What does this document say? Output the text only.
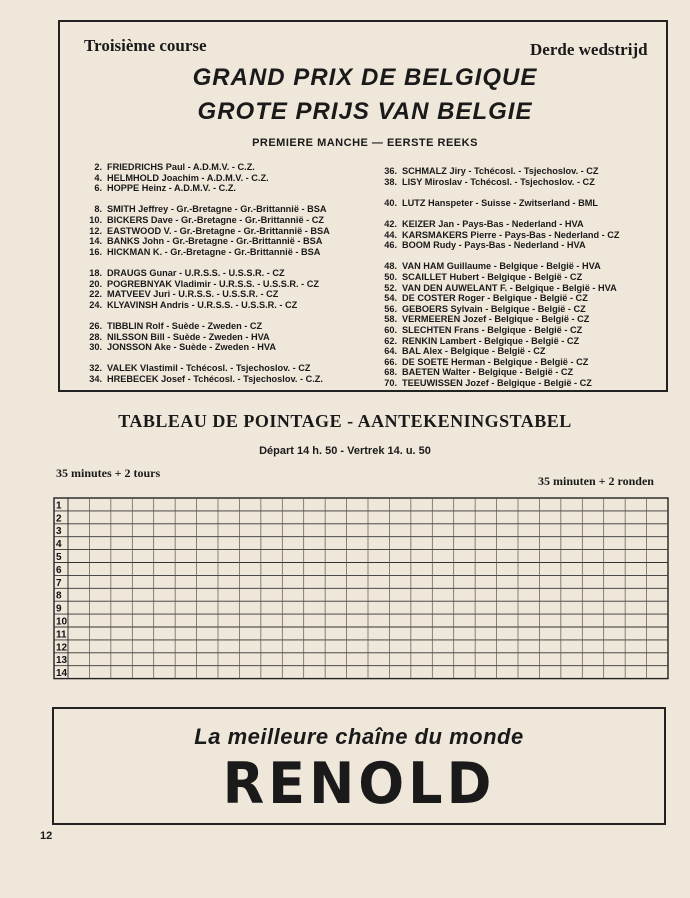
Troisième course	Derde wedstrijd
GRAND PRIX DE BELGIQUE
GROTE PRIJS VAN BELGIE
PREMIERE MANCHE — EERSTE REEKS
2. FRIEDRICHS Paul - A.D.M.V. - C.Z.
4. HELMHOLD Joachim - A.D.M.V. - C.Z.
6. HOPPE Heinz - A.D.M.V. - C.Z.
8. SMITH Jeffrey - Gr.-Bretagne - Gr.-Brittannië - BSA
10. BICKERS Dave - Gr.-Bretagne - Gr.-Brittannië - CZ
12. EASTWOOD V. - Gr.-Bretagne - Gr.-Brittannië - BSA
14. BANKS John - Gr.-Bretagne - Gr.-Brittannië - BSA
16. HICKMAN K. - Gr.-Bretagne - Gr.-Brittannië - BSA
18. DRAUGS Gunar - U.R.S.S. - U.S.S.R. - CZ
20. POGREBNYAK Vladimir - U.R.S.S. - U.S.S.R. - CZ
22. MATVEEV Juri - U.R.S.S. - U.S.S.R. - CZ
24. KLYAVINSH Andris - U.R.S.S. - U.S.S.R. - CZ
26. TIBBLIN Rolf - Suède - Zweden - CZ
28. NILSSON Bill - Suède - Zweden - HVA
30. JONSSON Ake - Suède - Zweden - HVA
32. VALEK Vlastimil - Tchécosl. - Tsjechoslov. - CZ
34. HREBECEK Josef - Tchécosl. - Tsjechoslov. - C.Z.
36. SCHMALZ Jiry - Tchécosl. - Tsjechoslov. - CZ
38. LISY Miroslav - Tchécosl. - Tsjechoslov. - CZ
40. LUTZ Hanspeter - Suisse - Zwitserland - BML
42. KEIZER Jan - Pays-Bas - Nederland - HVA
44. KARSMAKERS Pierre - Pays-Bas - Nederland - CZ
46. BOOM Rudy - Pays-Bas - Nederland - HVA
48. VAN HAM Guillaume - Belgique - België - HVA
50. SCAILLET Hubert - Belgique - België - CZ
52. VAN DEN AUWELANT F. - Belgique - België - HVA
54. DE COSTER Roger - Belgique - België - CZ
56. GEBOERS Sylvain - Belgique - België - CZ
58. VERMEEREN Jozef - Belgique - België - CZ
60. SLECHTEN Frans - Belgique - België - CZ
62. RENKIN Lambert - Belgique - België - CZ
64. BAL Alex - Belgique - België - CZ
66. DE SOETE Herman - Belgique - België - CZ
68. BAETEN Walter - Belgique - België - CZ
70. TEEUWISSEN Jozef - Belgique - België - CZ
TABLEAU DE POINTAGE - AANTEKENINGSTABEL
Départ 14 h. 50 - Vertrek 14. u. 50
35 minutes + 2 tours
35 minuten + 2 ronden
1
2
3
4
5
6
7
8
9
10
11
12
13
14
La meilleure chaîne du monde
RENOLD
12
